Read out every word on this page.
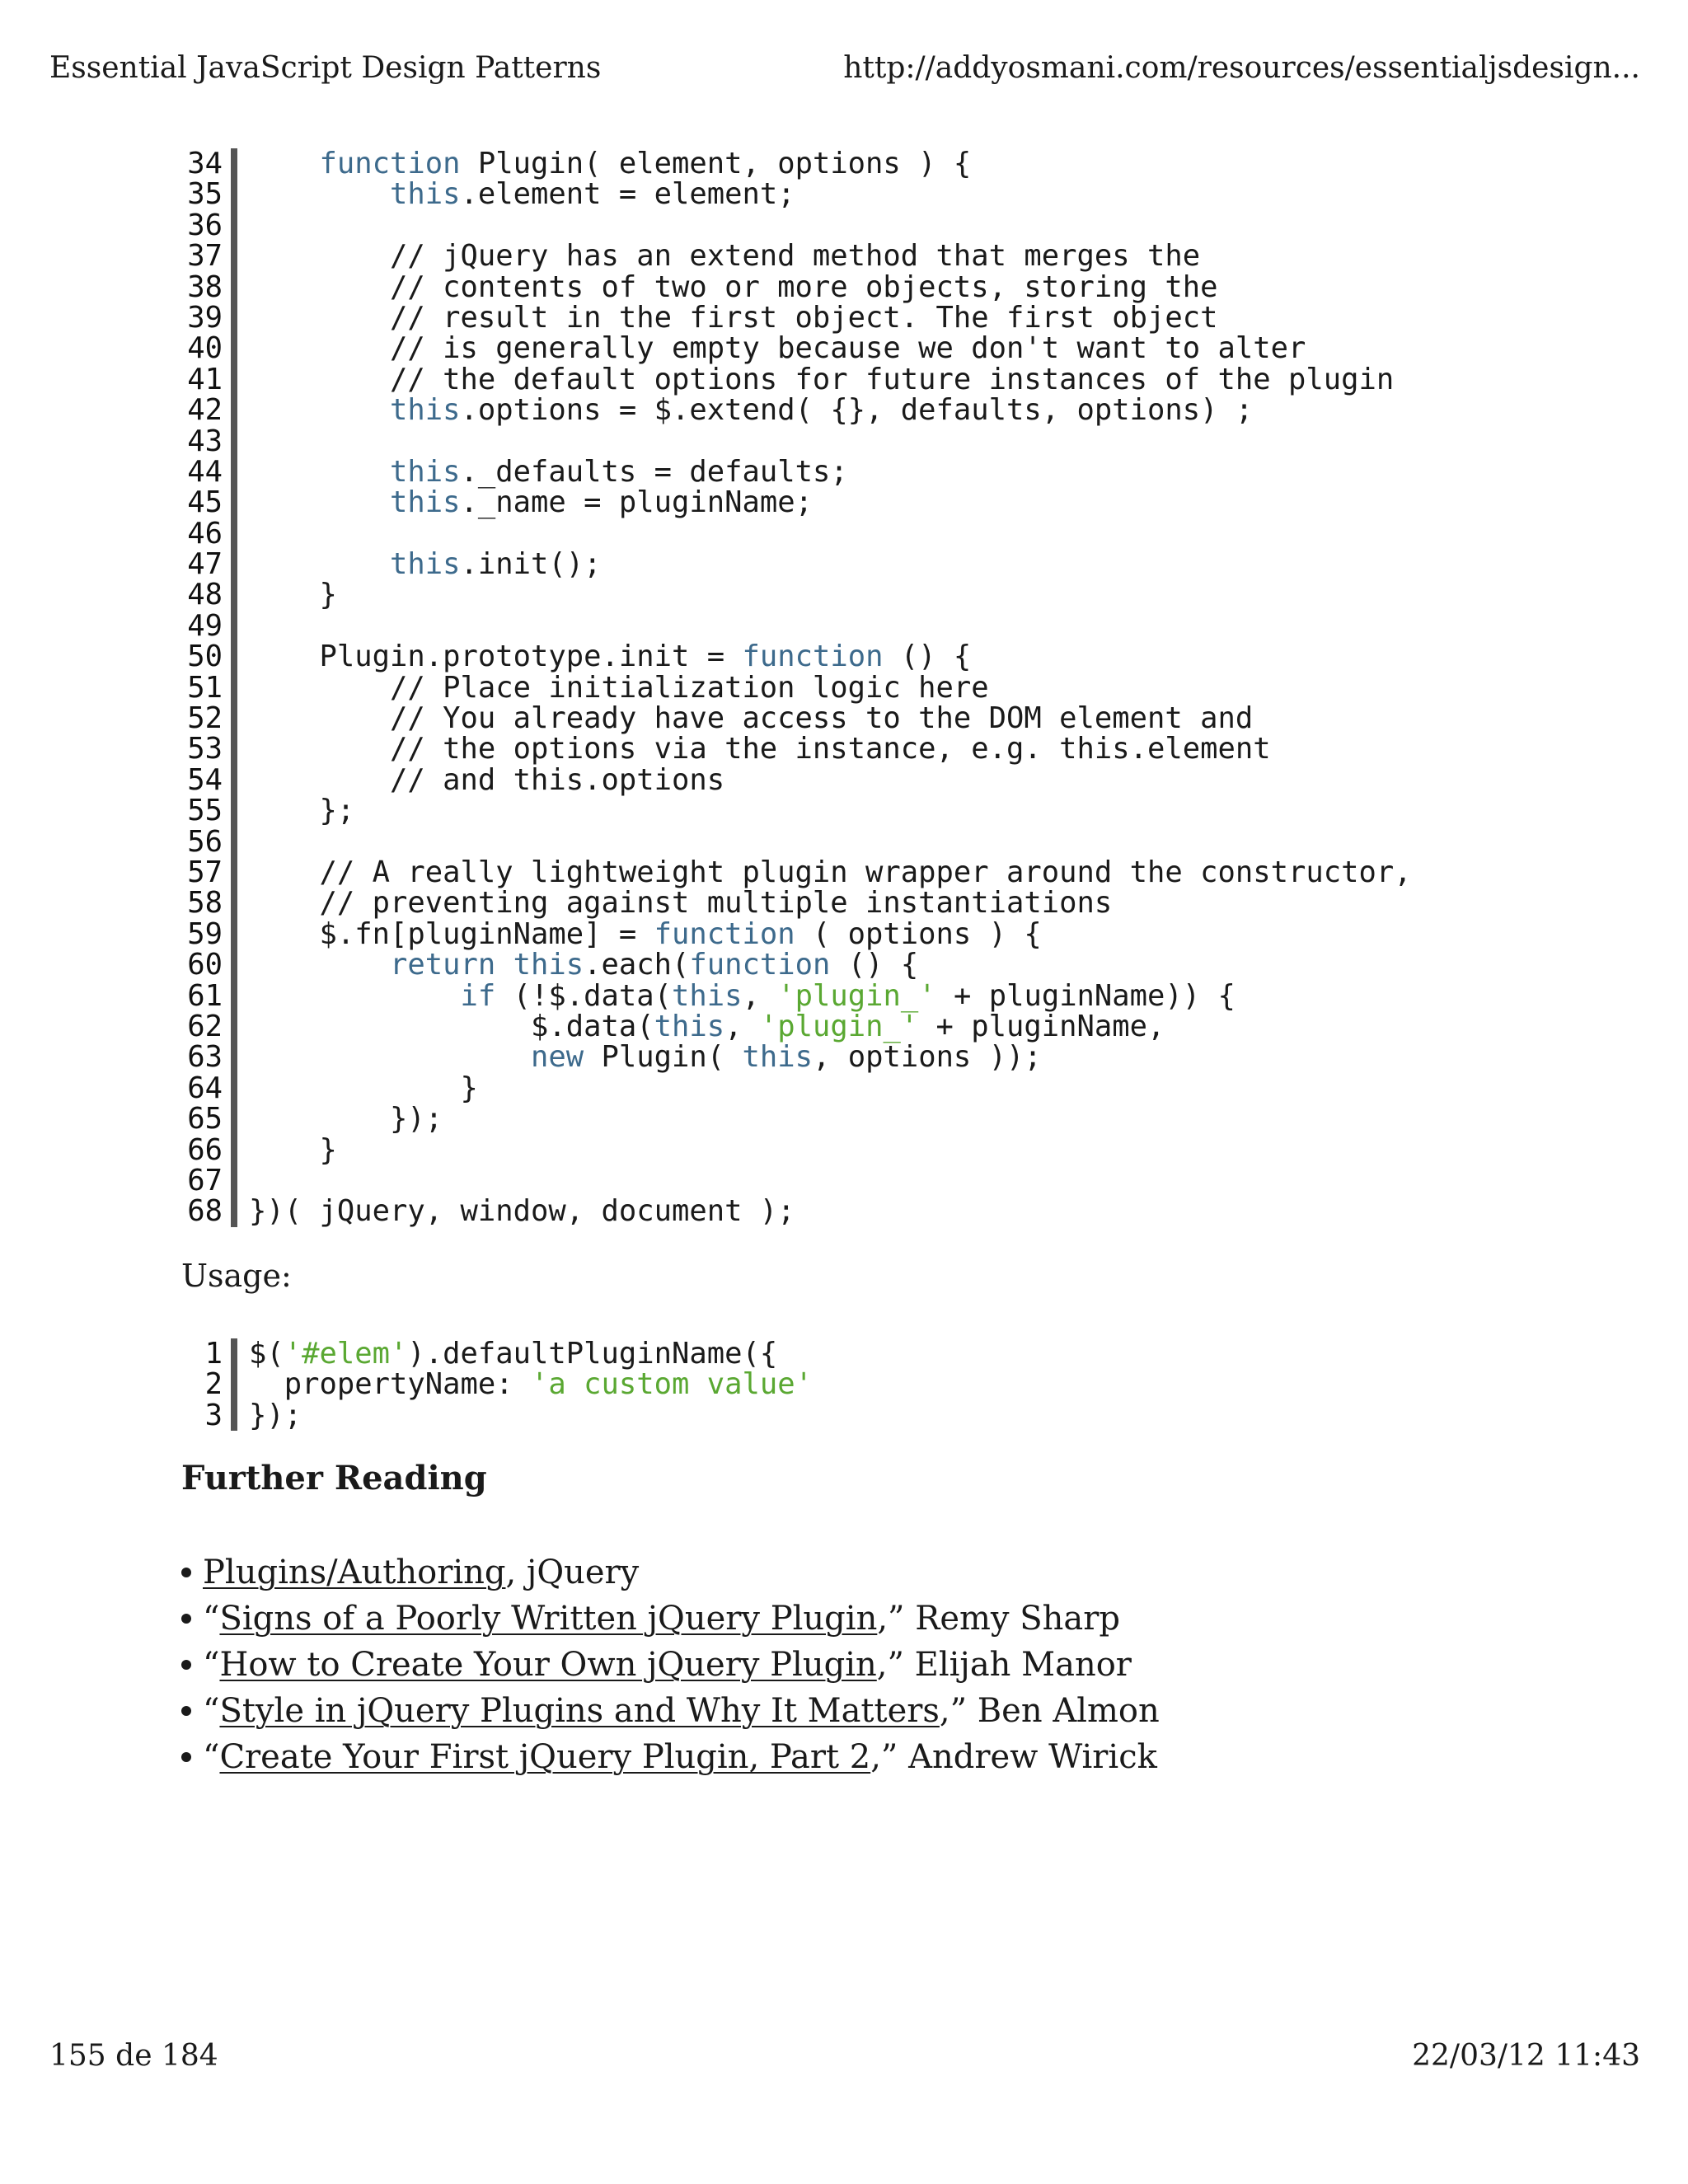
Essential JavaScript Design Patterns	http://addyosmani.com/resources/essentialjsdesign...
34	function Plugin( element, options ) {
35	this.element = element;
36
37 // jQuery has an extend method that merges the
38 // contents of two or more objects, storing the
39 // result in the first object. The first object
40 // is generally empty because we don't want to alter
41 // the default options for future instances of the plugin
42	this.options = $.extend( {}, defaults, options) ;
43
44	this._defaults = defaults;
45	this._name = pluginName;
46
47	this.init();
48 }
49
50 Plugin.prototype.init = function () {
51 // Place initialization logic here
52 // You already have access to the DOM element and
53 // the options via the instance, e.g. this.element
54 // and this.options
55 };
56
57 // A really lightweight plugin wrapper around the constructor,
58 // preventing against multiple instantiations
59 $.fn[pluginName] = function ( options ) {
60	return this.each(function () {
61	if (!$.data(this, 'plugin_' + pluginName)) {
62 $.data(this, 'plugin_' + pluginName,
63	new Plugin( this, options ));
64 }
65 });
66 }
67
68 })( jQuery, window, document );
Usage:
1 $('#elem').defaultPluginName({
2 propertyName: 'a custom value'
3 });
Further Reading
Plugins/Authoring , jQuery
“ Signs of a Poorly Written jQuery Plugin ,” Remy Sharp
“ How to Create Your Own jQuery Plugin ,” Elijah Manor
“ Style in jQuery Plugins and Why It Matters ,” Ben Almon
“ Create Your First jQuery Plugin, Part 2 ,” Andrew Wirick
155 de 184	22/03/12 11:43
